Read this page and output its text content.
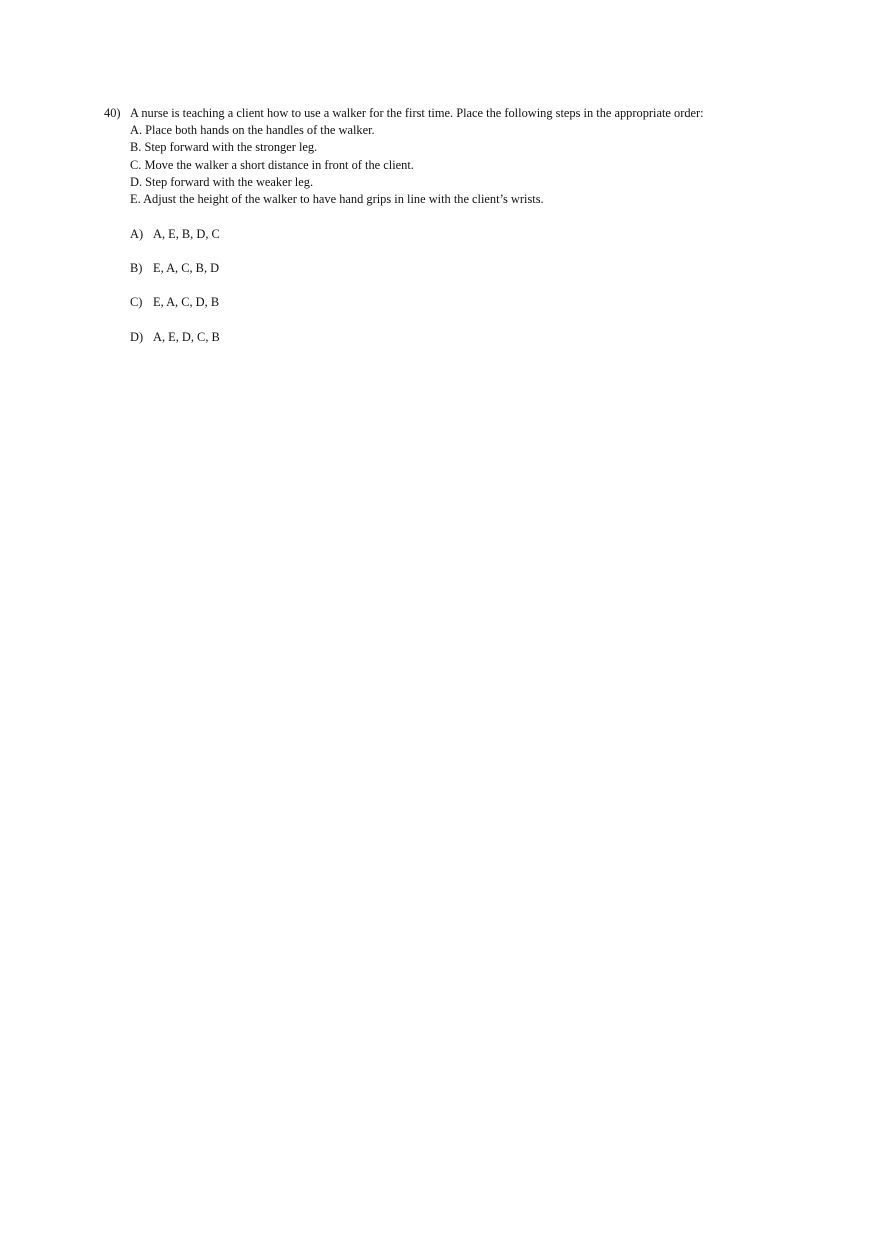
40) A nurse is teaching a client how to use a walker for the first time. Place the following steps in the appropriate order:
A. Place both hands on the handles of the walker.
B. Step forward with the stronger leg.
C. Move the walker a short distance in front of the client.
D. Step forward with the weaker leg.
E. Adjust the height of the walker to have hand grips in line with the client’s wrists.
A) A, E, B, D, C
B) E, A, C, B, D
C) E, A, C, D, B
D) A, E, D, C, B
